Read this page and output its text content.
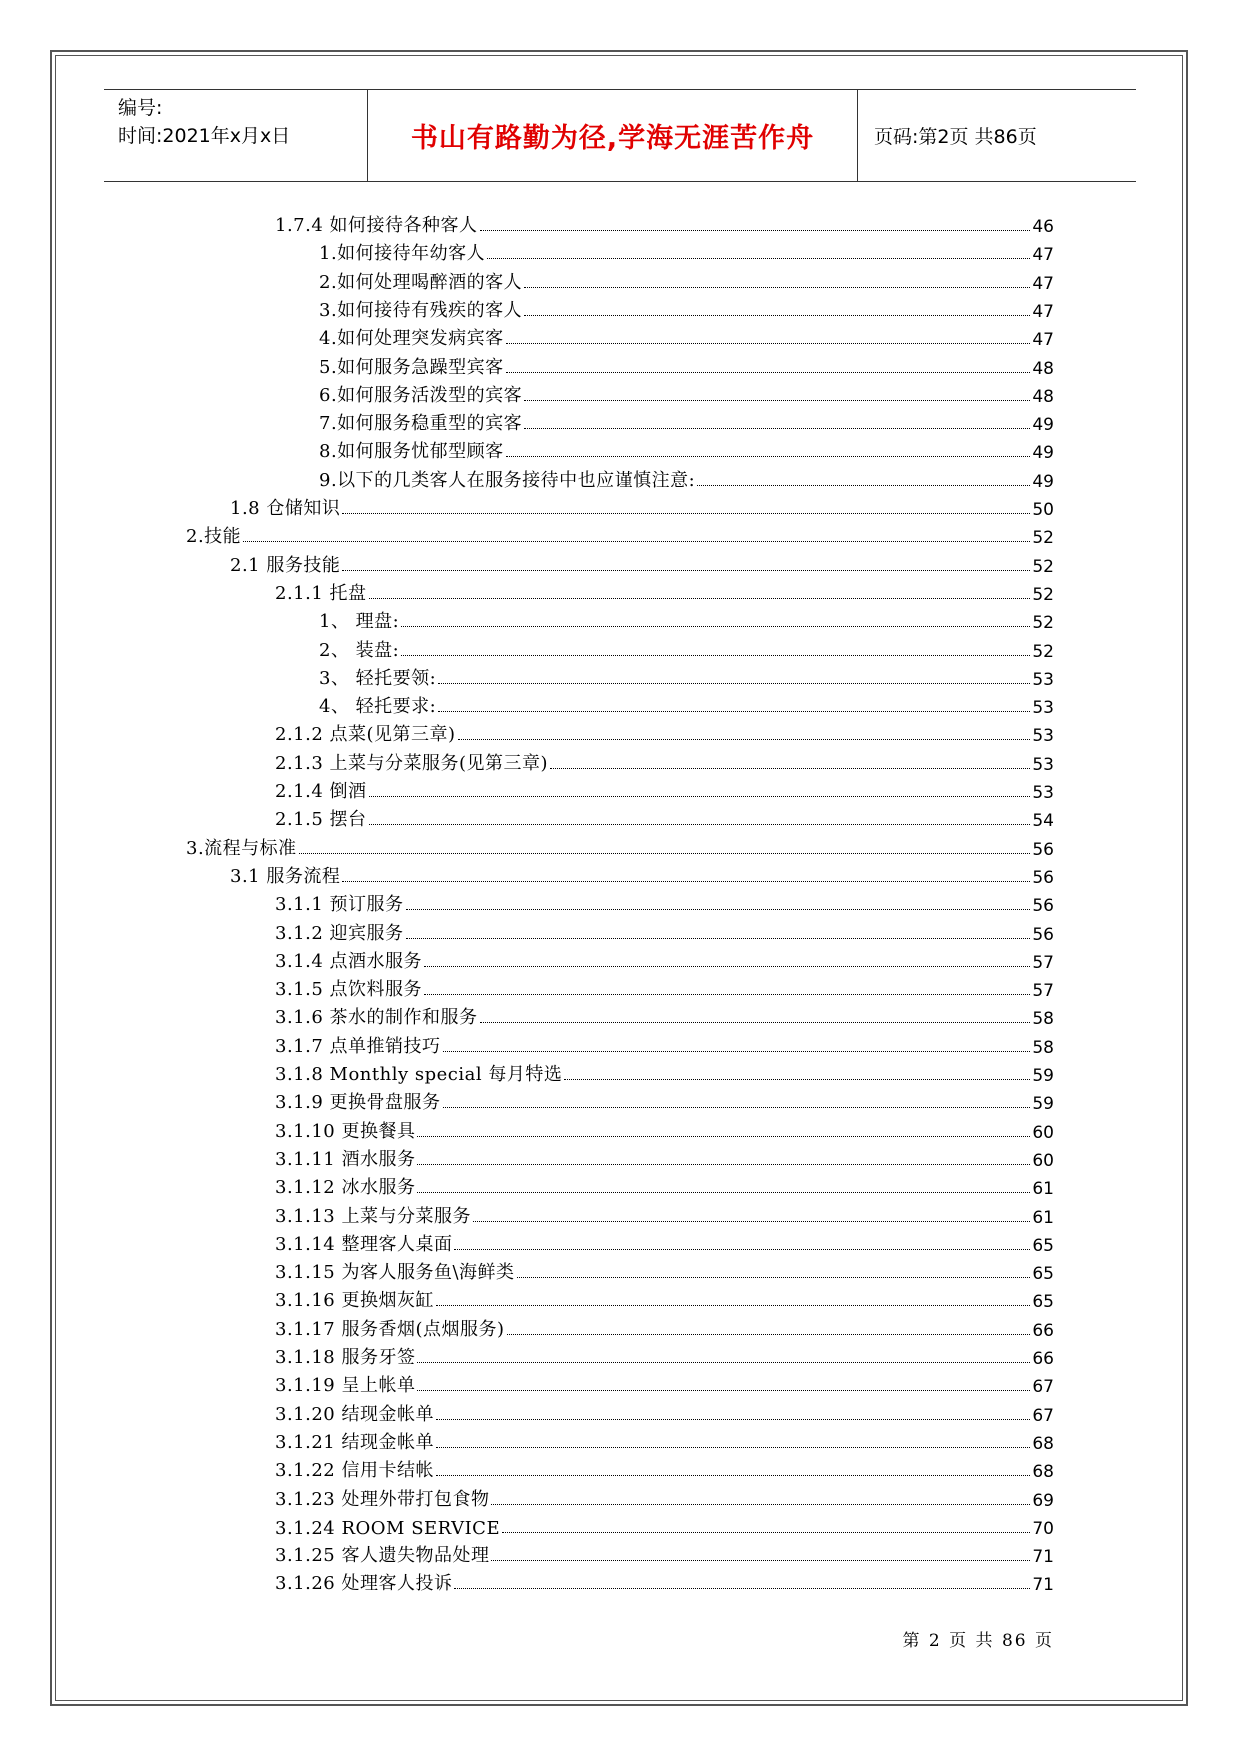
编号:
时间:2021年x月x日	书山有路勤为径,学海无涯苦作舟	页码:第2页 共86页
1.7.4 如何接待各种客人	46
1.如何接待年幼客人	47
2.如何处理喝醉酒的客人	47
3.如何接待有残疾的客人	47
4.如何处理突发病宾客	47
5.如何服务急躁型宾客	48
6.如何服务活泼型的宾客	48
7.如何服务稳重型的宾客	49
8.如何服务忧郁型顾客	49
9.以下的几类客人在服务接待中也应谨慎注意:	49
1.8 仓储知识	50
2.技能	52
2.1 服务技能	52
2.1.1 托盘	52
1、 理盘:	52
2、 装盘:	52
3、 轻托要领:	53
4、 轻托要求:	53
2.1.2 点菜(见第三章)	53
2.1.3 上菜与分菜服务(见第三章)	53
2.1.4 倒酒	53
2.1.5 摆台	54
3.流程与标准	56
3.1 服务流程	56
3.1.1 预订服务	56
3.1.2 迎宾服务	56
3.1.4 点酒水服务	57
3.1.5 点饮料服务	57
3.1.6 茶水的制作和服务	58
3.1.7 点单推销技巧	58
3.1.8 Monthly special 每月特选	59
3.1.9 更换骨盘服务	59
3.1.10 更换餐具	60
3.1.11 酒水服务	60
3.1.12 冰水服务	61
3.1.13 上菜与分菜服务	61
3.1.14 整理客人桌面	65
3.1.15 为客人服务鱼\海鲜类	65
3.1.16 更换烟灰缸	65
3.1.17 服务香烟(点烟服务)	66
3.1.18 服务牙签	66
3.1.19 呈上帐单	67
3.1.20 结现金帐单	67
3.1.21 结现金帐单	68
3.1.22 信用卡结帐	68
3.1.23 处理外带打包食物	69
3.1.24 ROOM SERVICE	70
3.1.25 客人遗失物品处理	71
3.1.26 处理客人投诉	71
第 2 页 共 86 页
